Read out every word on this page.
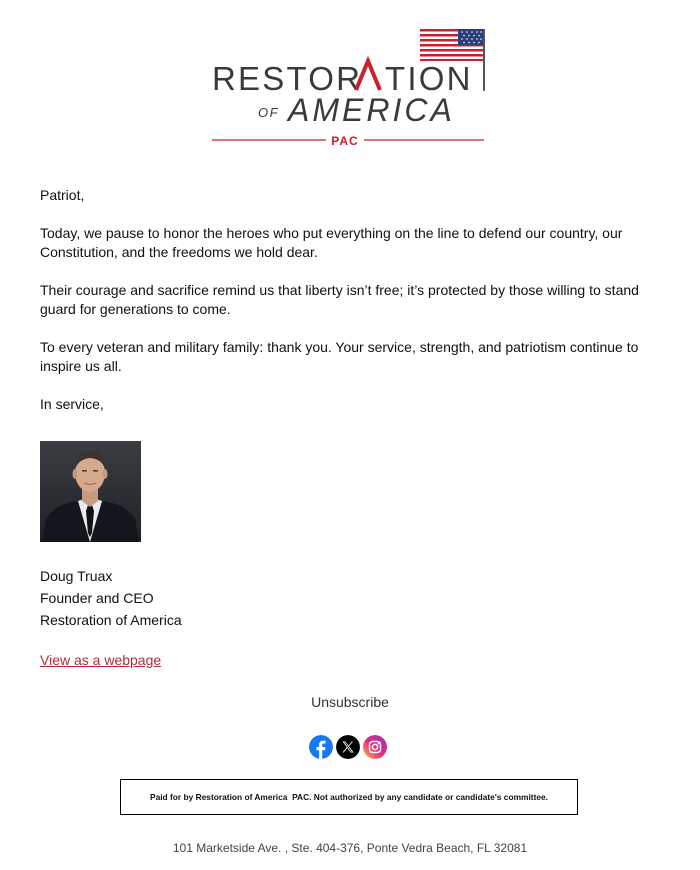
RESTOR TION
OF AMERICA
PAC

Patriot,

Today, we pause to honor the heroes who put everything on the line to defend our country, our Constitution, and the freedoms we hold dear.

Their courage and sacrifice remind us that liberty isn’t free; it’s protected by those willing to stand guard for generations to come.

To every veteran and military family: thank you. Your service, strength, and patriotism continue to inspire us all.

In service,

Doug Truax
Founder and CEO
Restoration of America
View as a webpage
Unsubscribe
Paid for by Restoration of America  PAC. Not authorized by any candidate or candidate's committee.
101 Marketside Ave. , Ste. 404-376, Ponte Vedra Beach, FL 32081
